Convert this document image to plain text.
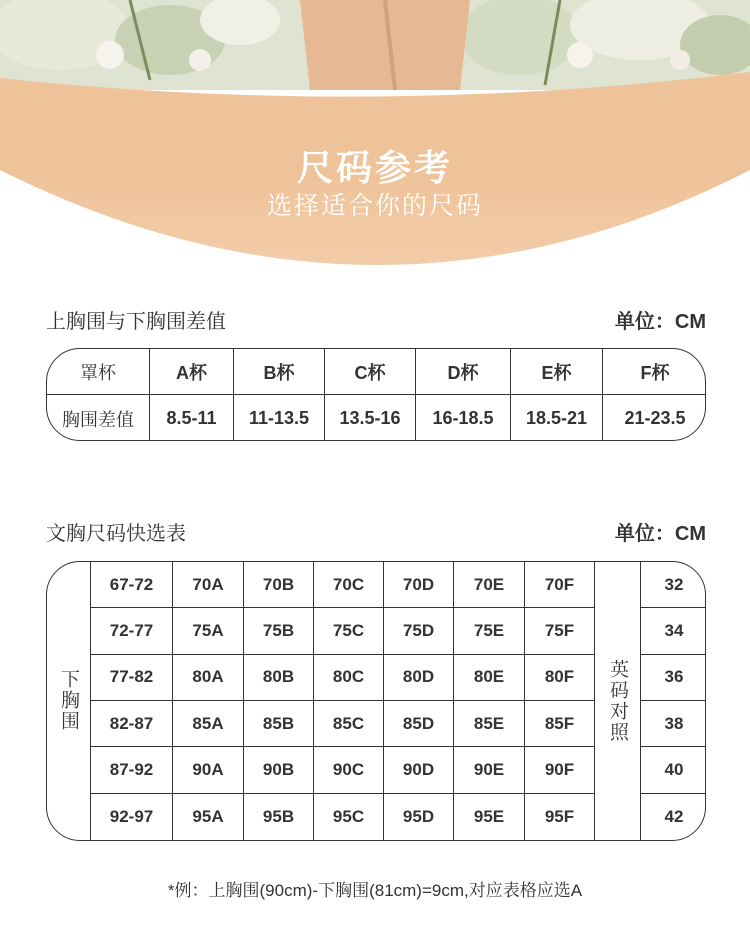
尺码参考
选择适合你的尺码
上胸围与下胸围差值	单位：CM
罩杯	A杯	B杯	C杯	D杯	E杯	F杯
胸围差值	8.5-11	11-13.5	13.5-16	16-18.5	18.5-21	21-23.5
文胸尺码快选表	单位：CM
下胸围	英码对照
67-72	70A	70B	70C	70D	70E	70F	32
72-77	75A	75B	75C	75D	75E	75F	34
77-82	80A	80B	80C	80D	80E	80F	36
82-87	85A	85B	85C	85D	85E	85F	38
87-92	90A	90B	90C	90D	90E	90F	40
92-97	95A	95B	95C	95D	95E	95F	42
*例：上胸围(90cm)-下胸围(81cm)=9cm,对应表格应选A
